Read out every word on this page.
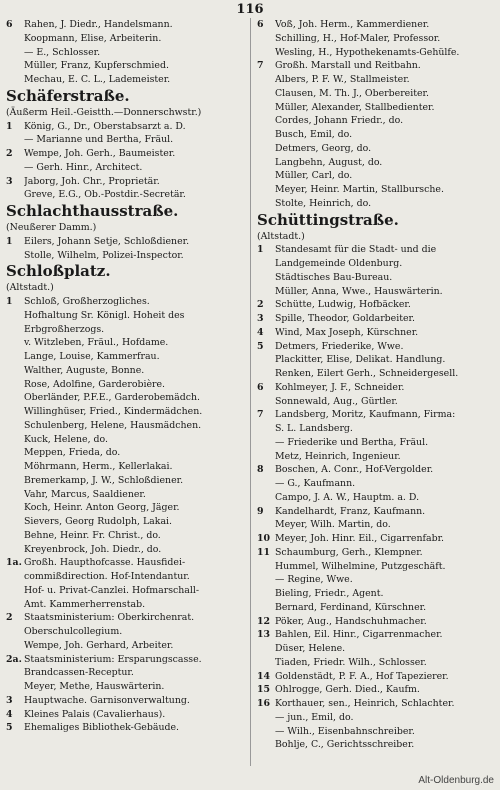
116
6	Rahen, J. Diedr., Handelsmann.
Koopmann, Elise, Arbeiterin.
— E., Schlosser.
Müller, Franz, Kupferschmied.
Mechau, E. C. L., Lademeister.
Schäferstraße.
(Äußerm Heil.-Geistth.—Donnerschwstr.)
1	König, G., Dr., Oberstabsarzt a. D.
— Marianne und Bertha, Fräul.
2	Wempe, Joh. Gerh., Baumeister.
— Gerh. Hinr., Architect.
3	Jaborg, Joh. Chr., Proprietär.
Greve, E.G., Ob.-Postdir.-Secretär.
Schlachthausstraße.
(Neußerer Damm.)
1	Eilers, Johann Setje, Schloßdiener.
Stolle, Wilhelm, Polizei-Inspector.
Schloßplatz.
(Altstadt.)
1	Schloß, Großherzogliches.
Hofhaltung Sr. Königl. Hoheit des
Erbgroßherzogs.
v. Witzleben, Fräul., Hofdame.
Lange, Louise, Kammerfrau.
Walther, Auguste, Bonne.
Rose, Adolfine, Garderobière.
Oberländer, P.F.E., Garderobemädch.
Willinghüser, Fried., Kindermädchen.
Schulenberg, Helene, Hausmädchen.
Kuck, Helene, do.
Meppen, Frieda, do.
Möhrmann, Herm., Kellerlakai.
Bremerkamp, J. W., Schloßdiener.
Vahr, Marcus, Saaldiener.
Koch, Heinr. Anton Georg, Jäger.
Sievers, Georg Rudolph, Lakai.
Behne, Heinr. Fr. Christ., do.
Kreyenbrock, Joh. Diedr., do.
1a. Großh. Haupthofcasse. Hausfidei-
commißdirection. Hof-Intendantur.
Hof- u. Privat-Canzlei. Hofmarschall-
Amt. Kammerherrenstab.
2	Staatsministerium: Oberkirchenrat.
Oberschulcollegium.
Wempe, Joh. Gerhard, Arbeiter.
2a. Staatsministerium: Ersparungscasse.
Brandcassen-Receptur.
Meyer, Methe, Hauswärterin.
3	Hauptwache. Garnisonverwaltung.
4	Kleines Palais (Cavalierhaus).
5	Ehemaliges Bibliothek-Gebäude.
6	Voß, Joh. Herm., Kammerdiener.
Schilling, H., Hof-Maler, Professor.
Wesling, H., Hypothekenamts-Gehülfe.
7	Großh. Marstall und Reitbahn.
Albers, P. F. W., Stallmeister.
Clausen, M. Th. J., Oberbereiter.
Müller, Alexander, Stallbedienter.
Cordes, Johann Friedr., do.
Busch, Emil, do.
Detmers, Georg, do.
Langbehn, August, do.
Müller, Carl, do.
Meyer, Heinr. Martin, Stallbursche.
Stolte, Heinrich, do.
Schüttingstraße.
(Altstadt.)
1	Standesamt für die Stadt- und die
Landgemeinde Oldenburg.
Städtisches Bau-Bureau.
Müller, Anna, Wwe., Hauswärterin.
2	Schütte, Ludwig, Hofbäcker.
3	Spille, Theodor, Goldarbeiter.
4	Wind, Max Joseph, Kürschner.
5	Detmers, Friederike, Wwe.
Plackitter, Elise, Delikat. Handlung.
Renken, Eilert Gerh., Schneidergesell.
6	Kohlmeyer, J. F., Schneider.
Sonnewald, Aug., Gürtler.
7	Landsberg, Moritz, Kaufmann, Firma:
S. L. Landsberg.
— Friederike und Bertha, Fräul.
Metz, Heinrich, Ingenieur.
8	Boschen, A. Conr., Hof-Vergolder.
— G., Kaufmann.
Campo, J. A. W., Hauptm. a. D.
9	Kandelhardt, Franz, Kaufmann.
Meyer, Wilh. Martin, do.
10 Meyer, Joh. Hinr. Eil., Cigarrenfabr.
11 Schaumburg, Gerh., Klempner.
Hummel, Wilhelmine, Putzgeschäft.
— Regine, Wwe.
Bieling, Friedr., Agent.
Bernard, Ferdinand, Kürschner.
12 Pöker, Aug., Handschuhmacher.
13 Bahlen, Eil. Hinr., Cigarrenmacher.
Düser, Helene.
Tiaden, Friedr. Wilh., Schlosser.
14 Goldenstädt, P. F. A., Hof Tapezierer.
15 Ohlrogge, Gerh. Died., Kaufm.
16 Korthauer, sen., Heinrich, Schlachter.
— jun., Emil, do.
— Wilh., Eisenbahnschreiber.
Bohlje, C., Gerichtsschreiber.
Alt-Oldenburg.de
